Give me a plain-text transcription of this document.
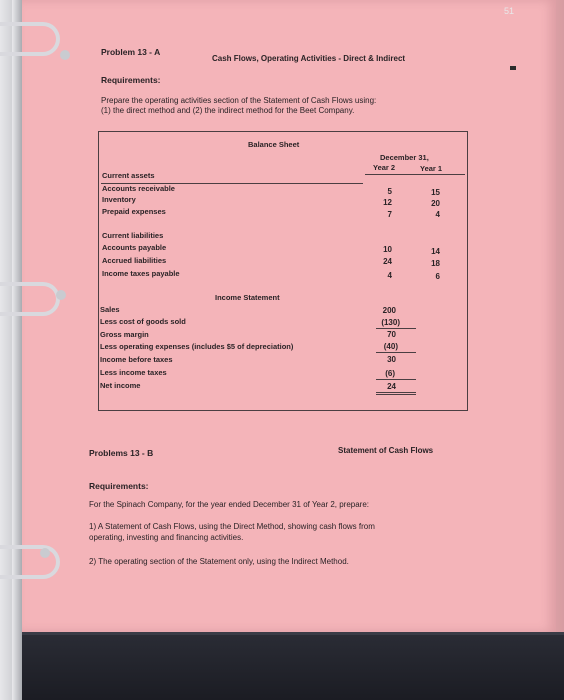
51
Problem 13 - A
Cash Flows, Operating Activities - Direct & Indirect
Requirements:
Prepare the operating activities section of the Statement of Cash Flows using:
(1) the direct method and (2) the indirect method for the Beet Company.
Balance Sheet
December 31,
Year 2	Year 1
Current assets
Accounts receivable	5	15
Inventory	12	20
Prepaid expenses	7	4
Current liabilities
Accounts payable	10	14
Accrued liabilities	24	18
Income taxes payable	4	6
Income Statement
Sales	200
Less cost of goods sold	(130)
Gross margin	70
Less operating expenses (includes $5 of depreciation)	(40)
Income before taxes	30
Less income taxes	(6)
Net income	24
Problems 13 - B	Statement of Cash Flows
Requirements:
For the Spinach Company, for the year ended December 31 of Year 2, prepare:
1) A Statement of Cash Flows, using the Direct Method, showing cash flows from
operating, investing and financing activities.
2) The operating section of the Statement only, using the Indirect Method.
